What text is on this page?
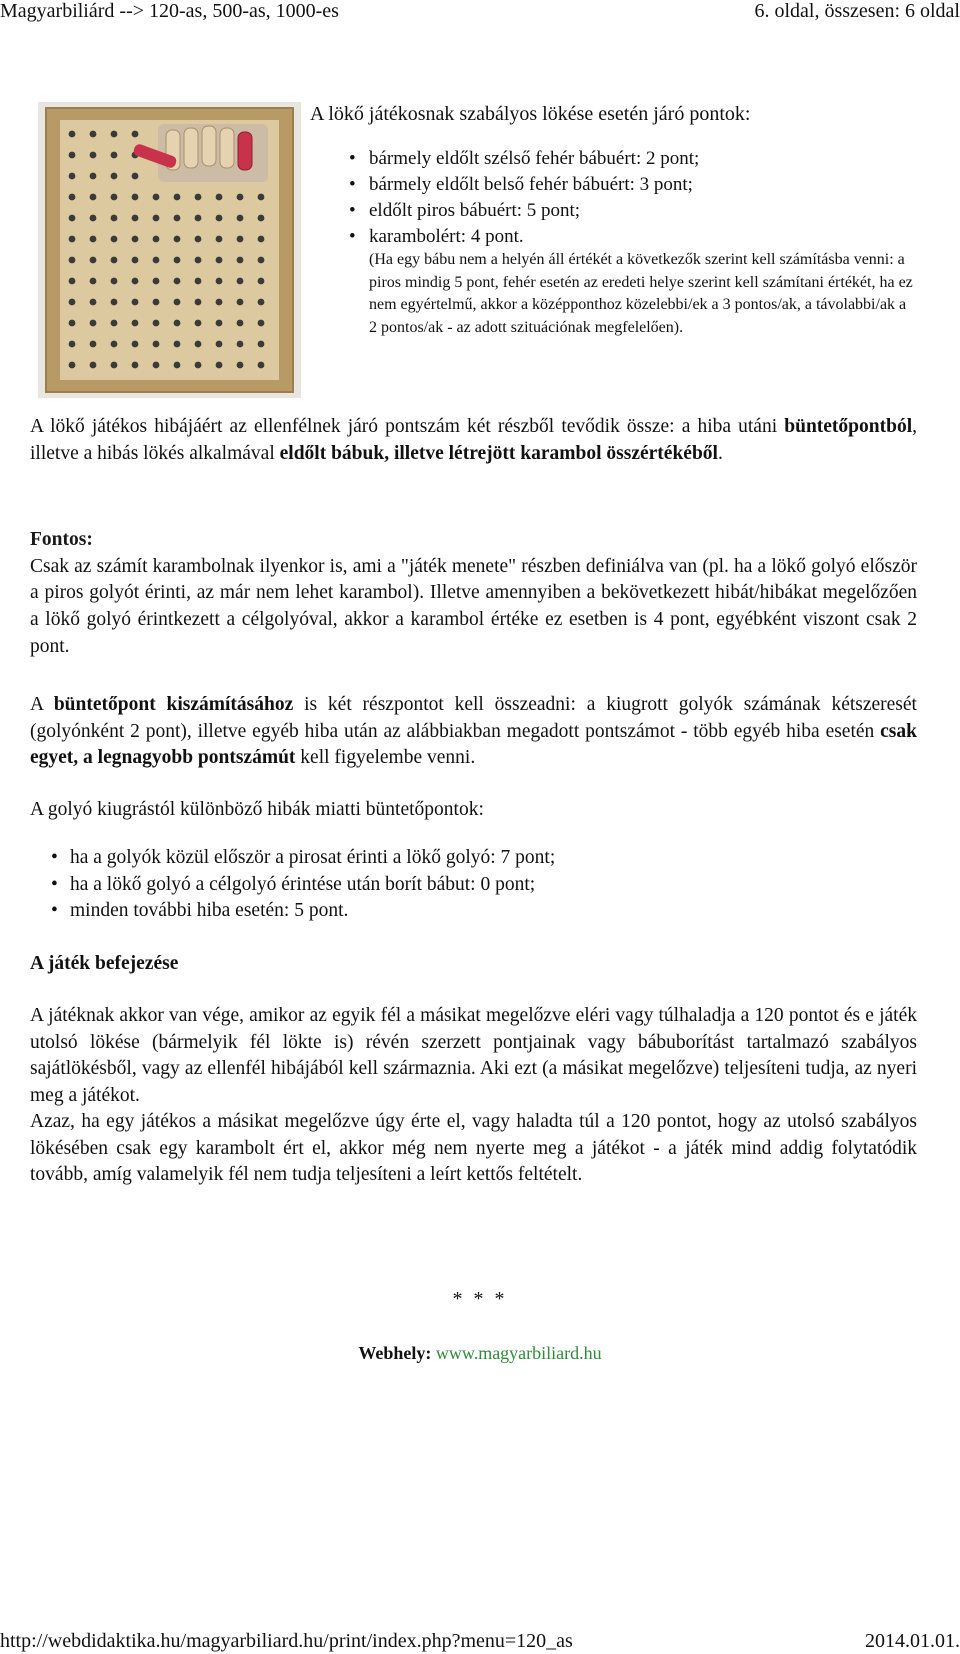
Magyarbiliárd --> 120-as, 500-as, 1000-es	6. oldal, összesen: 6 oldal
A lökő játékosnak szabályos lökése esetén járó pontok:
• bármely eldőlt szélső fehér bábuért: 2 pont;
• bármely eldőlt belső fehér bábuért: 3 pont;
• eldőlt piros bábuért: 5 pont;
• karambolért: 4 pont.
(Ha egy bábu nem a helyén áll értékét a következők szerint kell számításba venni: a piros mindig 5 pont, fehér esetén az eredeti helye szerint kell számítani értékét, ha ez nem egyértelmű, akkor a középponthoz közelebbi/ek a 3 pontos/ak, a távolabbi/ak a 2 pontos/ak - az adott szituációnak megfelelően).

A lökő játékos hibájáért az ellenfélnek járó pontszám két részből tevődik össze: a hiba utáni büntetőpontból, illetve a hibás lökés alkalmával eldőlt bábuk, illetve létrejött karambol összértékéből.

Fontos:
Csak az számít karambolnak ilyenkor is, ami a "játék menete" részben definiálva van (pl. ha a lökő golyó először a piros golyót érinti, az már nem lehet karambol). Illetve amennyiben a bekövetkezett hibát/hibákat megelőzően a lökő golyó érintkezett a célgolyóval, akkor a karambol értéke ez esetben is 4 pont, egyébként viszont csak 2 pont.

A büntetőpont kiszámításához is két részpontot kell összeadni: a kiugrott golyók számának kétszeresét (golyónként 2 pont), illetve egyéb hiba után az alábbiakban megadott pontszámot - több egyéb hiba esetén csak egyet, a legnagyobb pontszámút kell figyelembe venni.

A golyó kiugrástól különböző hibák miatti büntetőpontok:

• ha a golyók közül először a pirosat érinti a lökő golyó: 7 pont;
• ha a lökő golyó a célgolyó érintése után borít bábut: 0 pont;
• minden további hiba esetén: 5 pont.

A játék befejezése

A játéknak akkor van vége, amikor az egyik fél a másikat megelőzve eléri vagy túlhaladja a 120 pontot és e játék utolsó lökése (bármelyik fél lökte is) révén szerzett pontjainak vagy bábuborítást tartalmazó szabályos sajátlökésből, vagy az ellenfél hibájából kell származnia. Aki ezt (a másikat megelőzve) teljesíteni tudja, az nyeri meg a játékot.

Azaz, ha egy játékos a másikat megelőzve úgy érte el, vagy haladta túl a 120 pontot, hogy az utolsó szabályos lökésében csak egy karambolt ért el, akkor még nem nyerte meg a játékot - a játék mind addig folytatódik tovább, amíg valamelyik fél nem tudja teljesíteni a leírt kettős feltételt.

* * *
Webhely: www.magyarbiliard.hu
http://webdidaktika.hu/magyarbiliard.hu/print/index.php?menu=120_as	2014.01.01.
